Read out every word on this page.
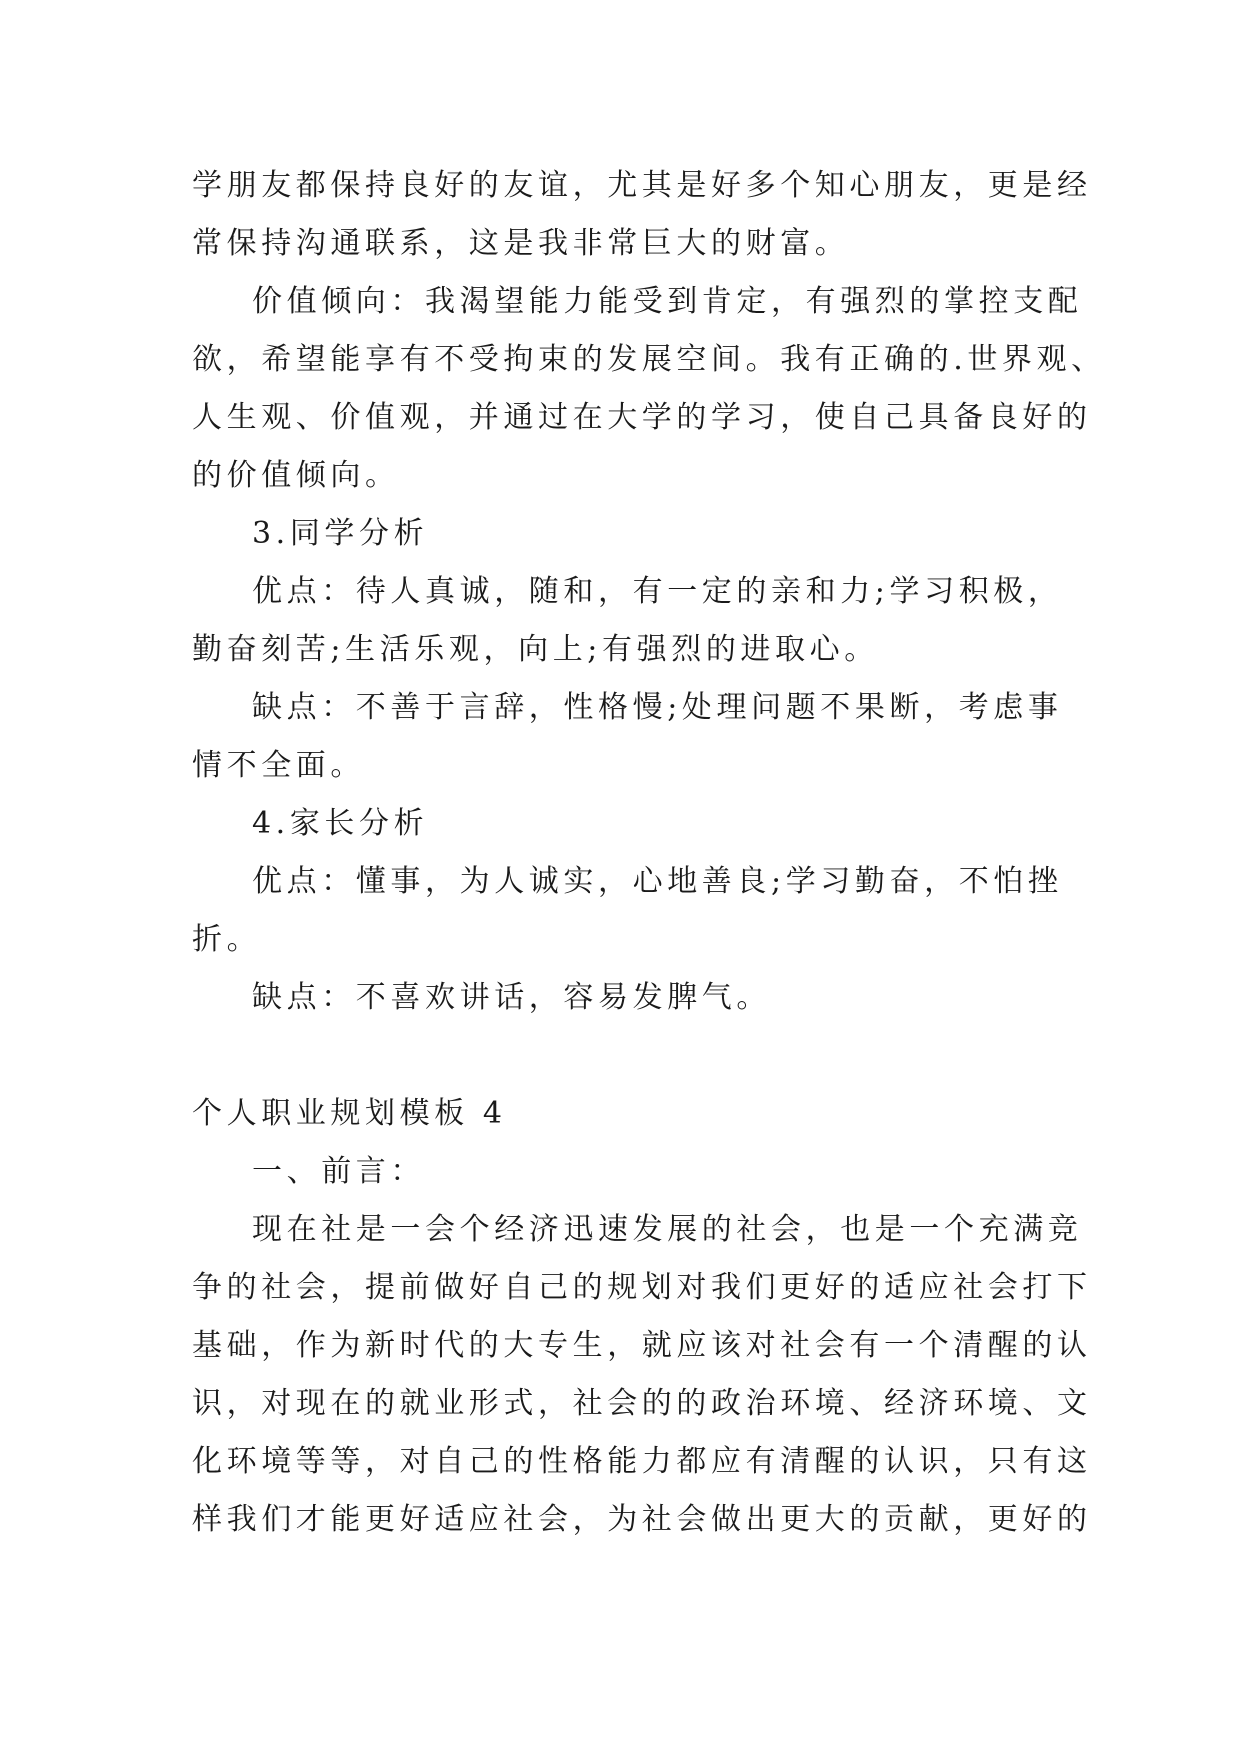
学朋友都保持良好的友谊，尤其是好多个知心朋友，更是经
常保持沟通联系，这是我非常巨大的财富。
价值倾向：我渴望能力能受到肯定，有强烈的掌控支配
欲，希望能享有不受拘束的发展空间。我有正确的.世界观、
人生观、价值观，并通过在大学的学习，使自己具备良好的
的价值倾向。
3.同学分析
优点：待人真诚，随和，有一定的亲和力;学习积极，
勤奋刻苦;生活乐观，向上;有强烈的进取心。
缺点：不善于言辞，性格慢;处理问题不果断，考虑事
情不全面。
4.家长分析
优点：懂事，为人诚实，心地善良;学习勤奋，不怕挫
折。
缺点：不喜欢讲话，容易发脾气。
个人职业规划模板 4
一、前言：
现在社是一会个经济迅速发展的社会，也是一个充满竞
争的社会，提前做好自己的规划对我们更好的适应社会打下
基础，作为新时代的大专生，就应该对社会有一个清醒的认
识，对现在的就业形式，社会的的政治环境、经济环境、文
化环境等等，对自己的性格能力都应有清醒的认识，只有这
样我们才能更好适应社会，为社会做出更大的贡献，更好的
